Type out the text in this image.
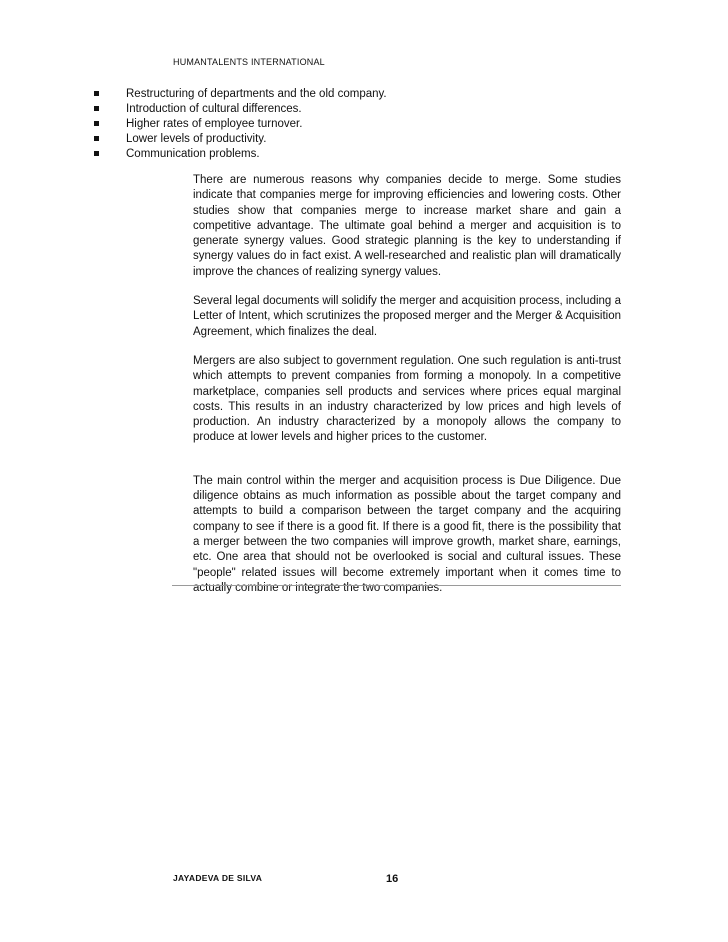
HUMANTALENTS INTERNATIONAL
Restructuring of departments and the old company.
Introduction of cultural differences.
Higher rates of employee turnover.
Lower levels of productivity.
Communication problems.

There are numerous reasons why companies decide to merge. Some studies indicate that companies merge for improving efficiencies and lowering costs. Other studies show that companies merge to increase market share and gain a competitive advantage. The ultimate goal behind a merger and acquisition is to generate synergy values. Good strategic planning is the key to understanding if synergy values do in fact exist. A well-researched and realistic plan will dramatically improve the chances of realizing synergy values.

Several legal documents will solidify the merger and acquisition process, including a Letter of Intent, which scrutinizes the proposed merger and the Merger & Acquisition Agreement, which finalizes the deal.

Mergers are also subject to government regulation. One such regulation is anti-trust which attempts to prevent companies from forming a monopoly. In a competitive marketplace, companies sell products and services where prices equal marginal costs. This results in an industry characterized by low prices and high levels of production. An industry characterized by a monopoly allows the company to produce at lower levels and higher prices to the customer.

The main control within the merger and acquisition process is Due Diligence. Due diligence obtains as much information as possible about the target company and attempts to build a comparison between the target company and the acquiring company to see if there is a good fit. If there is a good fit, there is the possibility that a merger between the two companies will improve growth, market share, earnings, etc. One area that should not be overlooked is social and cultural issues. These "people" related issues will become extremely important when it comes time to actually combine or integrate the two companies.

JAYADEVA DE SILVA	16
